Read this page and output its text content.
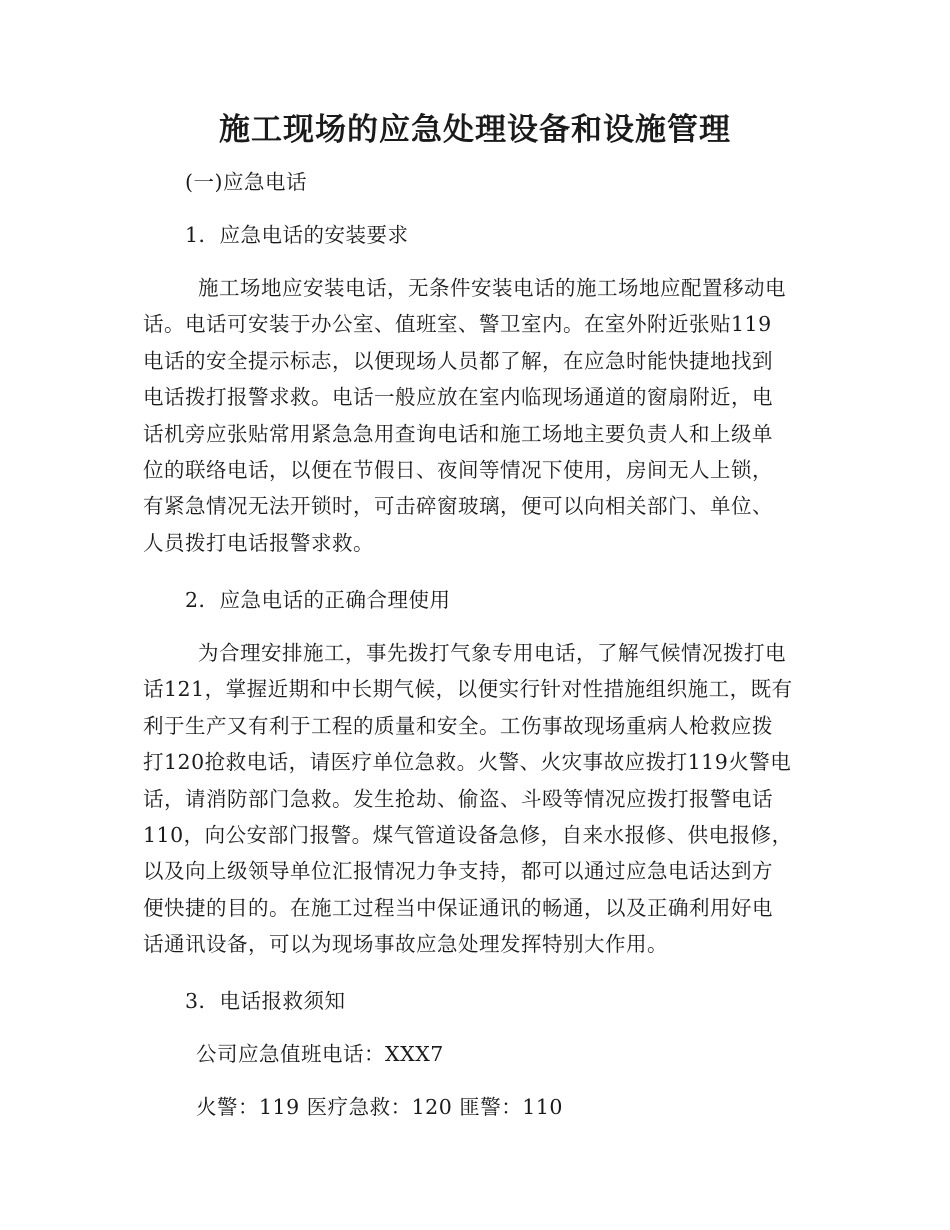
施工现场的应急处理设备和设施管理

(一)应急电话

1．应急电话的安装要求

　施工场地应安装电话，无条件安装电话的施工场地应配置移动电
话。电话可安装于办公室、值班室、警卫室内。在室外附近张贴119
电话的安全提示标志，以便现场人员都了解，在应急时能快捷地找到
电话拨打报警求救。电话一般应放在室内临现场通道的窗扇附近，电
话机旁应张贴常用紧急急用查询电话和施工场地主要负责人和上级单
位的联络电话，以便在节假日、夜间等情况下使用，房间无人上锁，
有紧急情况无法开锁时，可击碎窗玻璃，便可以向相关部门、单位、
人员拨打电话报警求救。

2．应急电话的正确合理使用

　为合理安排施工，事先拨打气象专用电话，了解气候情况拨打电
话121，掌握近期和中长期气候，以便实行针对性措施组织施工，既有
利于生产又有利于工程的质量和安全。工伤事故现场重病人枪救应拨
打120抢救电话，请医疗单位急救。火警、火灾事故应拨打119火警电
话，请消防部门急救。发生抢劫、偷盗、斗殴等情况应拨打报警电话
110，向公安部门报警。煤气管道设备急修，自来水报修、供电报修，
以及向上级领导单位汇报情况力争支持，都可以通过应急电话达到方
便快捷的目的。在施工过程当中保证通讯的畅通，以及正确利用好电
话通讯设备，可以为现场事故应急处理发挥特别大作用。

3．电话报救须知

公司应急值班电话：XXX7

火警：119 医疗急救：120 匪警：110
